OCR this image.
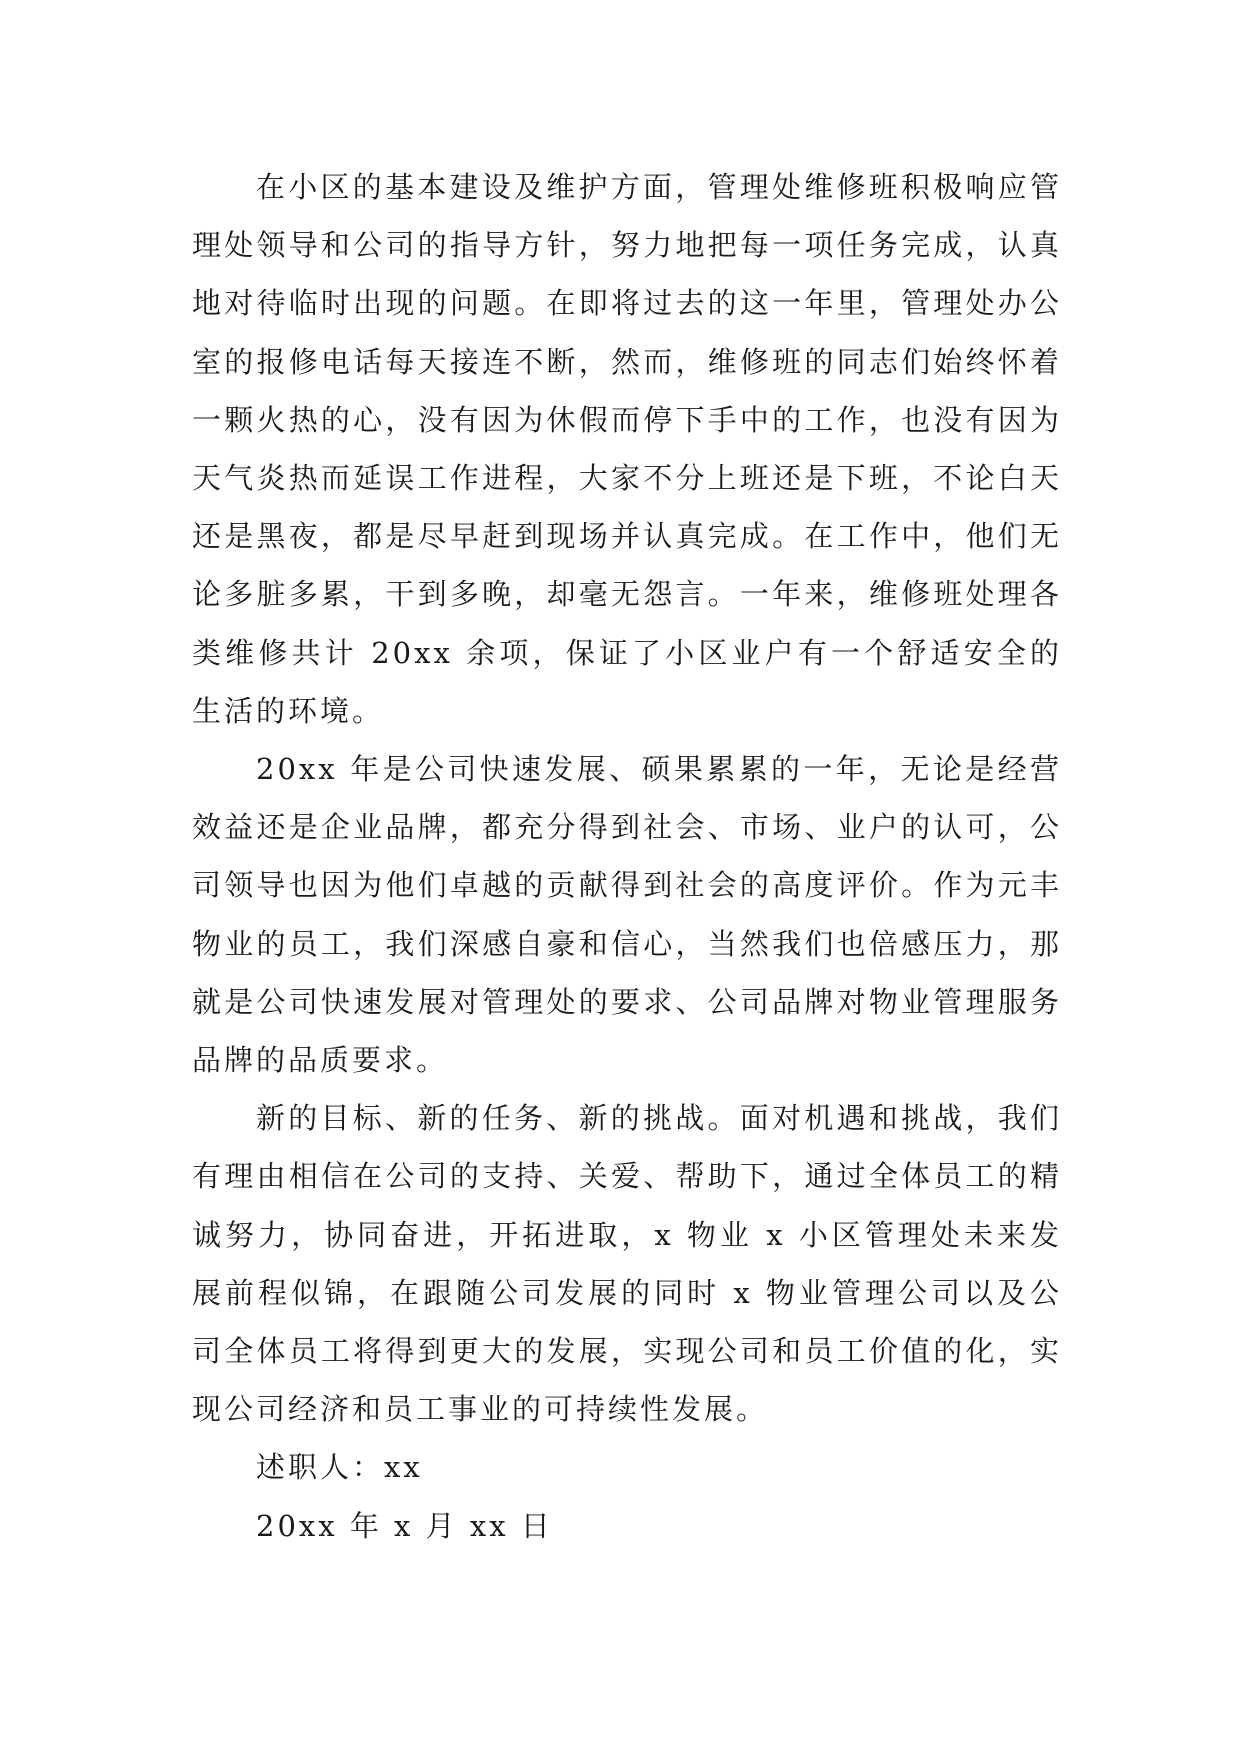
在小区的基本建设及维护方面，管理处维修班积极响应管理处领导和公司的指导方针，努力地把每一项任务完成，认真地对待临时出现的问题。在即将过去的这一年里，管理处办公室的报修电话每天接连不断，然而，维修班的同志们始终怀着一颗火热的心，没有因为休假而停下手中的工作，也没有因为天气炎热而延误工作进程，大家不分上班还是下班，不论白天还是黑夜，都是尽早赶到现场并认真完成。在工作中，他们无论多脏多累，干到多晚，却毫无怨言。一年来，维修班处理各类维修共计 20xx 余项，保证了小区业户有一个舒适安全的生活的环境。

20xx 年是公司快速发展、硕果累累的一年，无论是经营效益还是企业品牌，都充分得到社会、市场、业户的认可，公司领导也因为他们卓越的贡献得到社会的高度评价。作为元丰物业的员工，我们深感自豪和信心，当然我们也倍感压力，那就是公司快速发展对管理处的要求、公司品牌对物业管理服务品牌的品质要求。

新的目标、新的任务、新的挑战。面对机遇和挑战，我们有理由相信在公司的支持、关爱、帮助下，通过全体员工的精诚努力，协同奋进，开拓进取，x 物业 x 小区管理处未来发展前程似锦，在跟随公司发展的同时 x 物业管理公司以及公司全体员工将得到更大的发展，实现公司和员工价值的化，实现公司经济和员工事业的可持续性发展。

述职人：xx

20xx 年 x 月 xx 日
